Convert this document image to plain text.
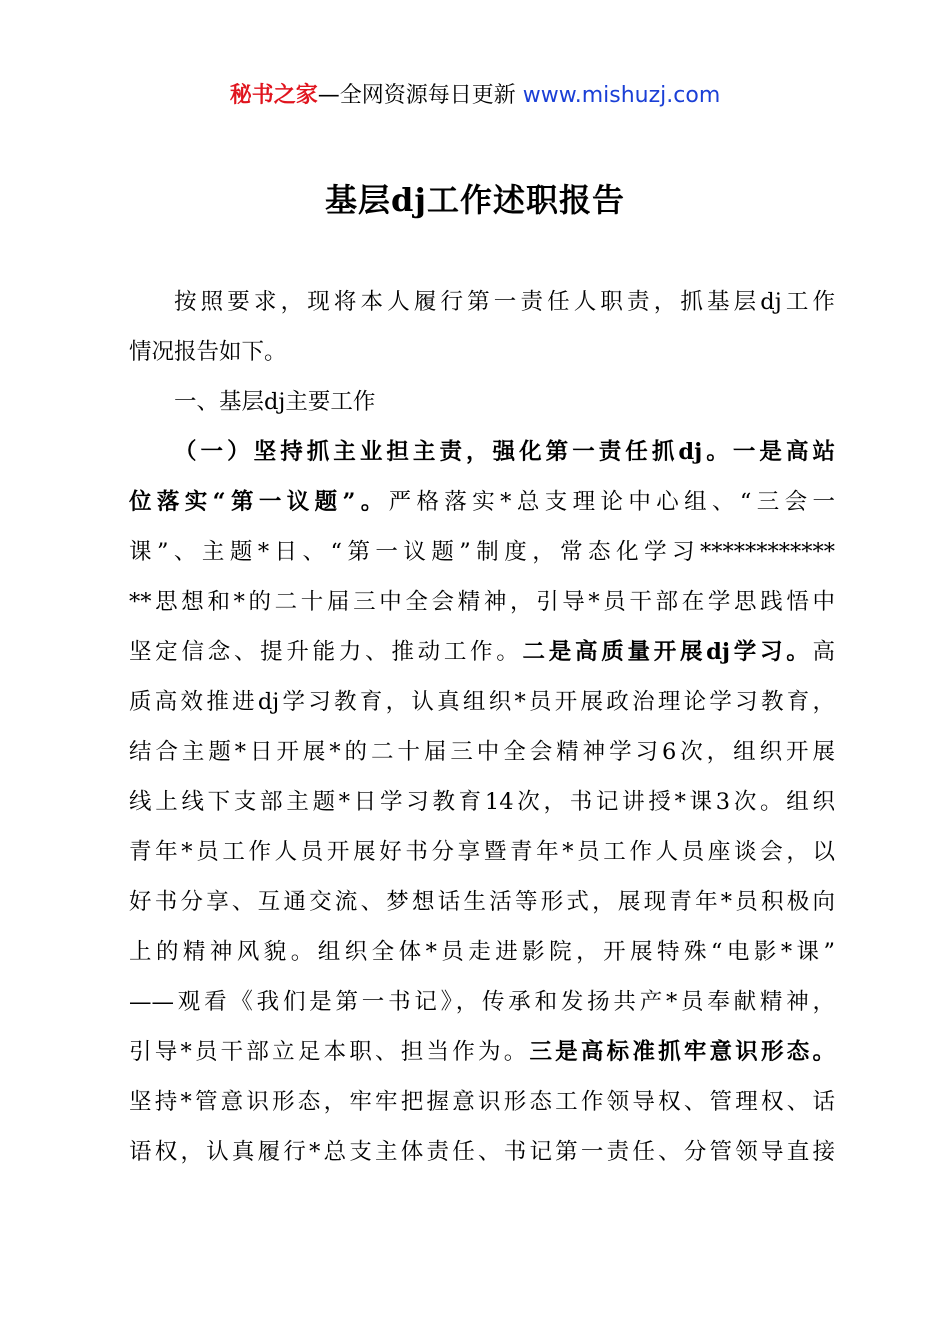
秘书之家—全网资源每日更新 www.mishuzj.com
基层dj工作述职报告
按照要求，现将本人履行第一责任人职责，抓基层dj工作
情况报告如下。
一、基层dj主要工作
（一）坚持抓主业担主责，强化第一责任抓dj。一是高站
位落实“第一议题”。严格落实*总支理论中心组、“三会一
课”、主题*日、“第一议题”制度，常态化学习************
**思想和*的二十届三中全会精神，引导*员干部在学思践悟中
坚定信念、提升能力、推动工作。二是高质量开展dj学习。高
质高效推进dj学习教育，认真组织*员开展政治理论学习教育，
结合主题*日开展*的二十届三中全会精神学习6次，组织开展
线上线下支部主题*日学习教育14次，书记讲授*课3次。组织
青年*员工作人员开展好书分享暨青年*员工作人员座谈会，以
好书分享、互通交流、梦想话生活等形式，展现青年*员积极向
上的精神风貌。组织全体*员走进影院，开展特殊“电影*课”
——观看《我们是第一书记》，传承和发扬共产*员奉献精神，
引导*员干部立足本职、担当作为。三是高标准抓牢意识形态。
坚持*管意识形态，牢牢把握意识形态工作领导权、管理权、话
语权，认真履行*总支主体责任、书记第一责任、分管领导直接
